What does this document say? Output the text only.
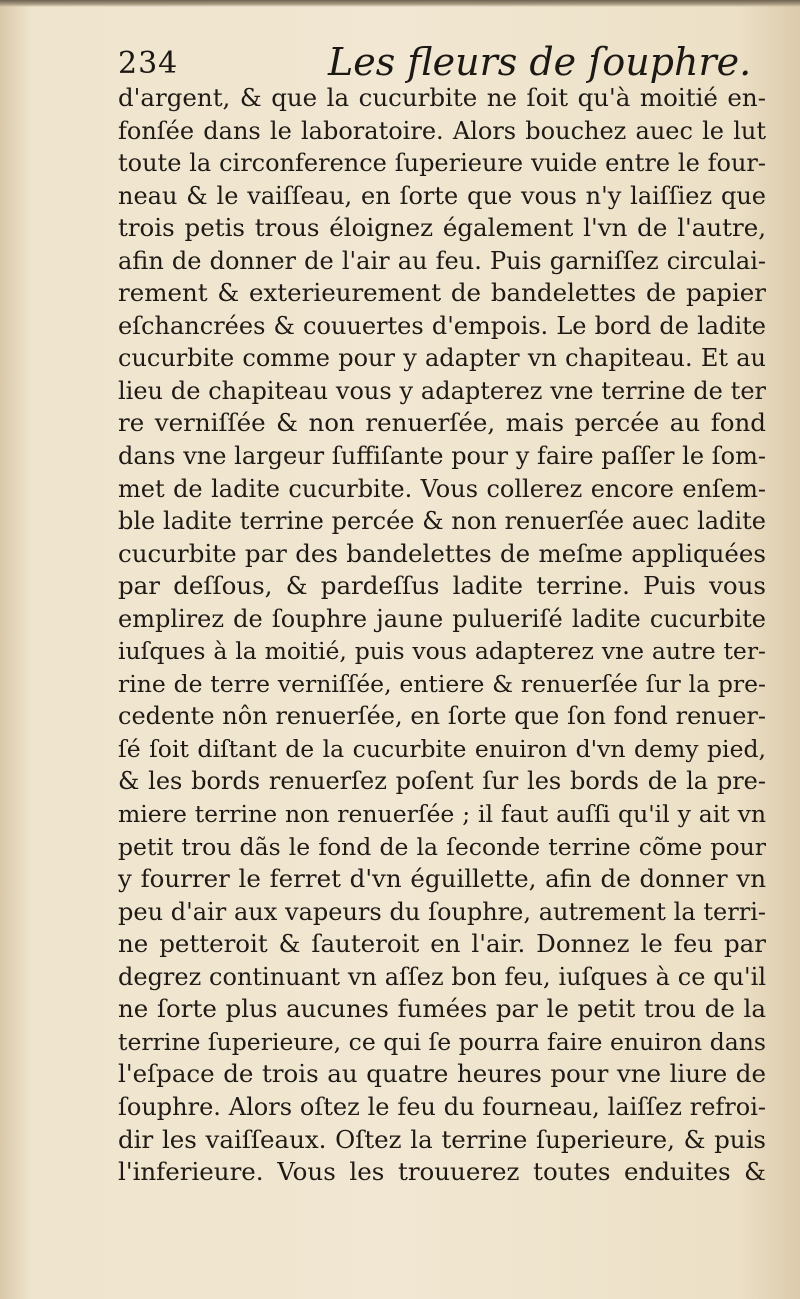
234	Les fleurs de ſouphre.
d'argent, & que la cucurbite ne ſoit qu'à moitié en-
fonſée dans le laboratoire. Alors bouchez auec le lut
toute la circonference ſuperieure vuide entre le four-
neau & le vaiſſeau, en ſorte que vous n'y laiſſiez que
trois petis trous éloignez également l'vn de l'autre,
afin de donner de l'air au feu. Puis garniſſez circulai-
rement & exterieurement de bandelettes de papier
eſchancrées & couuertes d'empois. Le bord de ladite
cucurbite comme pour y adapter vn chapiteau. Et au
lieu de chapiteau vous y adapterez vne terrine de ter
re verniſſée & non renuerſée, mais percée au fond
dans vne largeur ſuffiſante pour y faire paſſer le ſom-
met de ladite cucurbite. Vous collerez encore enſem-
ble ladite terrine percée & non renuerſée auec ladite
cucurbite par des bandelettes de meſme appliquées
par deſſous, & pardeſſus ladite terrine. Puis vous
emplirez de ſouphre jaune pulueriſé ladite cucurbite
iuſques à la moitié, puis vous adapterez vne autre ter-
rine de terre verniſſée, entiere & renuerſée ſur la pre-
cedente nôn renuerſée, en ſorte que ſon fond renuer-
ſé ſoit diſtant de la cucurbite enuiron d'vn demy pied,
& les bords renuerſez poſent ſur les bords de la pre-
miere terrine non renuerſée ; il faut auſſi qu'il y ait vn
petit trou dãs le fond de la ſeconde terrine cõme pour
y fourrer le ferret d'vn éguillette, afin de donner vn
peu d'air aux vapeurs du ſouphre, autrement la terri-
ne petteroit & ſauteroit en l'air. Donnez le feu par
degrez continuant vn aſſez bon feu, iuſques à ce qu'il
ne ſorte plus aucunes fumées par le petit trou de la
terrine ſuperieure, ce qui ſe pourra faire enuiron dans
l'eſpace de trois au quatre heures pour vne liure de
ſouphre. Alors oſtez le feu du fourneau, laiſſez refroi-
dir les vaiſſeaux. Oſtez la terrine ſuperieure, & puis
l'inferieure. Vous les trouuerez toutes enduites &
